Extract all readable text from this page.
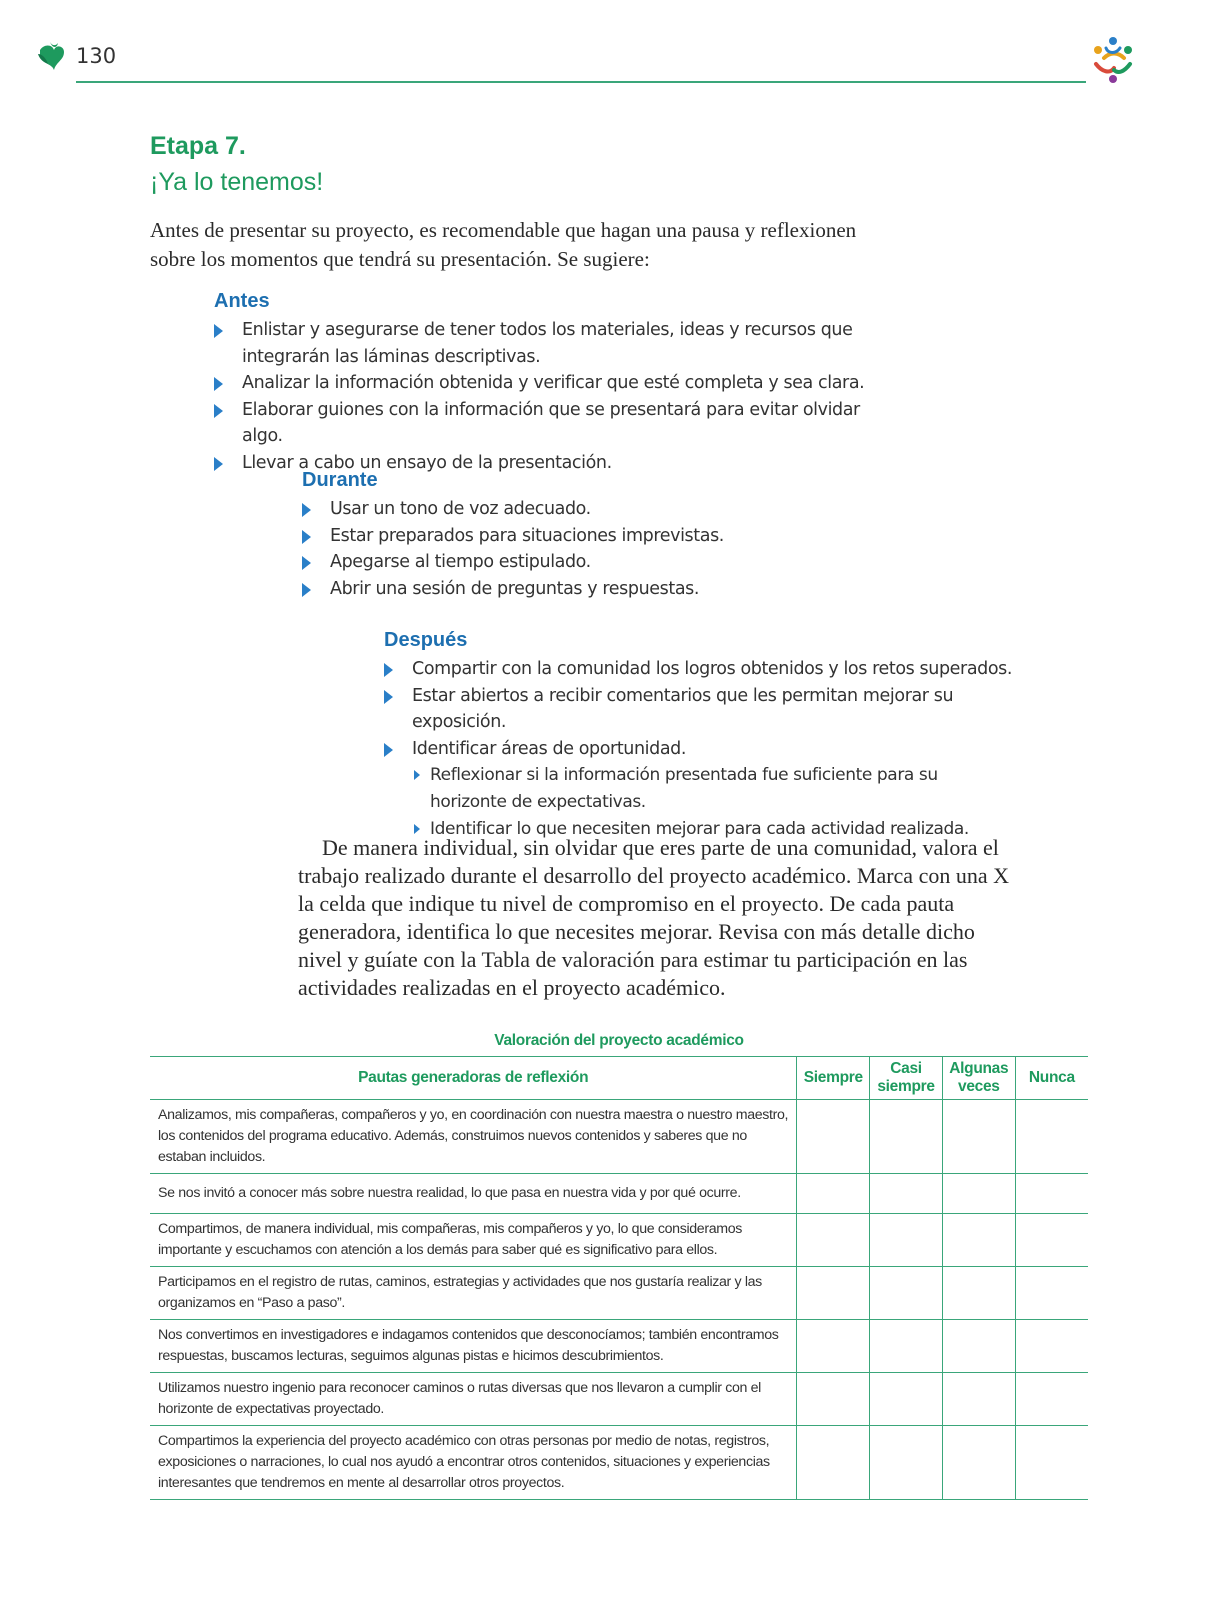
130
Etapa 7.
¡Ya lo tenemos!

Antes de presentar su proyecto, es recomendable que hagan una pausa y reflexionen sobre los momentos que tendrá su presentación. Se sugiere:

Antes
Enlistar y asegurarse de tener todos los materiales, ideas y recursos que integrarán las láminas descriptivas.
Analizar la información obtenida y verificar que esté completa y sea clara.
Elaborar guiones con la información que se presentará para evitar olvidar algo.
Llevar a cabo un ensayo de la presentación.
Durante
Usar un tono de voz adecuado.
Estar preparados para situaciones imprevistas.
Apegarse al tiempo estipulado.
Abrir una sesión de preguntas y respuestas.
Después
Compartir con la comunidad los logros obtenidos y los retos superados.
Estar abiertos a recibir comentarios que les permitan mejorar su exposición.
Identificar áreas de oportunidad.
Reflexionar si la información presentada fue suficiente para su horizonte de expectativas.
Identificar lo que necesiten mejorar para cada actividad realizada.

De manera individual, sin olvidar que eres parte de una comunidad, valora el trabajo realizado durante el desarrollo del proyecto académico. Marca con una X la celda que indique tu nivel de compromiso en el proyecto. De cada pauta generadora, identifica lo que necesites mejorar. Revisa con más detalle dicho nivel y guíate con la Tabla de valoración para estimar tu participación en las actividades realizadas en el proyecto académico.

Valoración del proyecto académico
Pautas generadoras de reflexión	Siempre	Casi siempre	Algunas veces	Nunca
Analizamos, mis compañeras, compañeros y yo, en coordinación con nuestra maestra o nuestro maestro, los contenidos del programa educativo. Además, construimos nuevos contenidos y saberes que no estaban incluidos.				
Se nos invitó a conocer más sobre nuestra realidad, lo que pasa en nuestra vida y por qué ocurre.				
Compartimos, de manera individual, mis compañeras, mis compañeros y yo, lo que consideramos importante y escuchamos con atención a los demás para saber qué es significativo para ellos.				
Participamos en el registro de rutas, caminos, estrategias y actividades que nos gustaría realizar y las organizamos en “Paso a paso”.				
Nos convertimos en investigadores e indagamos contenidos que desconocíamos; también encontramos respuestas, buscamos lecturas, seguimos algunas pistas e hicimos descubrimientos.				
Utilizamos nuestro ingenio para reconocer caminos o rutas diversas que nos llevaron a cumplir con el horizonte de expectativas proyectado.				
Compartimos la experiencia del proyecto académico con otras personas por medio de notas, registros, exposiciones o narraciones, lo cual nos ayudó a encontrar otros contenidos, situaciones y experiencias interesantes que tendremos en mente al desarrollar otros proyectos.				
